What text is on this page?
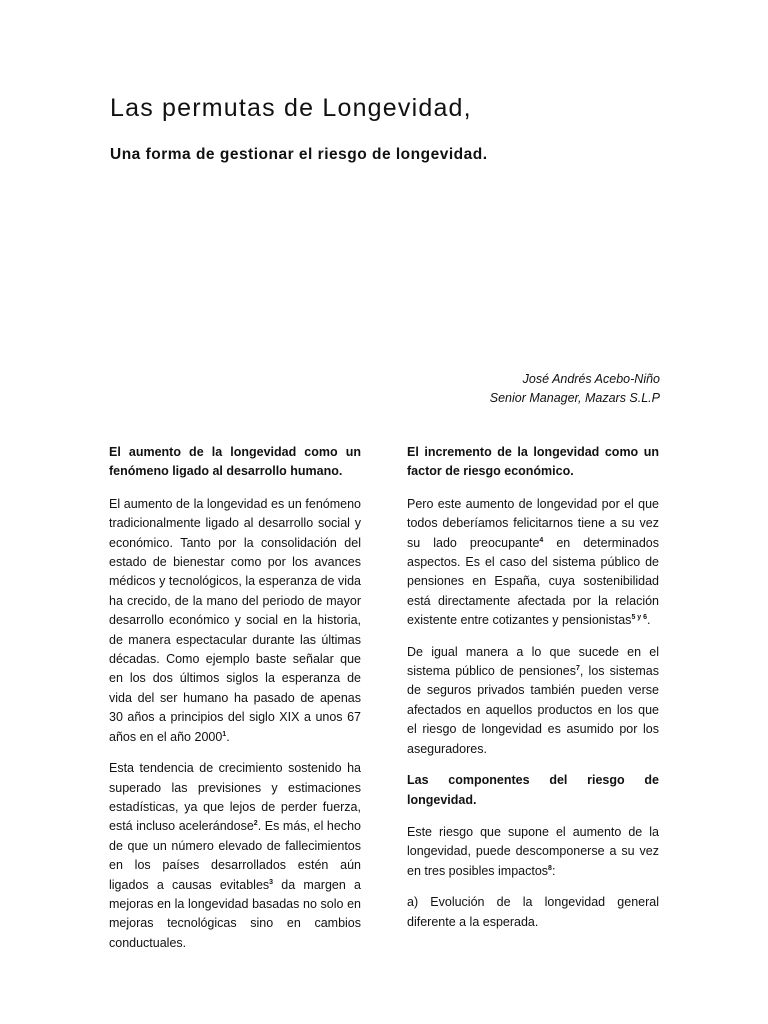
Las permutas de Longevidad,
Una forma de gestionar el riesgo de longevidad.
José Andrés Acebo-Niño
Senior Manager, Mazars S.L.P
El aumento de la longevidad como un fenómeno ligado al desarrollo humano.

El aumento de la longevidad es un fenómeno tradicionalmente ligado al desarrollo social y económico. Tanto por la consolidación del estado de bienestar como por los avances médicos y tecnológicos, la esperanza de vida ha crecido, de la mano del periodo de mayor desarrollo económico y social en la historia, de manera espectacular durante las últimas décadas. Como ejemplo baste señalar que en los dos últimos siglos la esperanza de vida del ser humano ha pasado de apenas 30 años a principios del siglo XIX a unos 67 años en el año 2000$^1$.

Esta tendencia de crecimiento sostenido ha superado las previsiones y estimaciones estadísticas, ya que lejos de perder fuerza, está incluso acelerándose$^2$. Es más, el hecho de que un número elevado de fallecimientos en los países desarrollados estén aún ligados a causas evitables$^3$ da margen a mejoras en la longevidad basadas no solo en mejoras tecnológicas sino en cambios conductuales.

El incremento de la longevidad como un factor de riesgo económico.

Pero este aumento de longevidad por el que todos deberíamos felicitarnos tiene a su vez su lado preocupante$^4$ en determinados aspectos. Es el caso del sistema público de pensiones en España, cuya sostenibilidad está directamente afectada por la relación existente entre cotizantes y pensionistas$^{5 y 6}$.

De igual manera a lo que sucede en el sistema público de pensiones$^7$, los sistemas de seguros privados también pueden verse afectados en aquellos productos en los que el riesgo de longevidad es asumido por los aseguradores.

Las componentes del riesgo de longevidad.

Este riesgo que supone el aumento de la longevidad, puede descomponerse a su vez en tres posibles impactos$^8$:

a) Evolución de la longevidad general diferente a la esperada.
